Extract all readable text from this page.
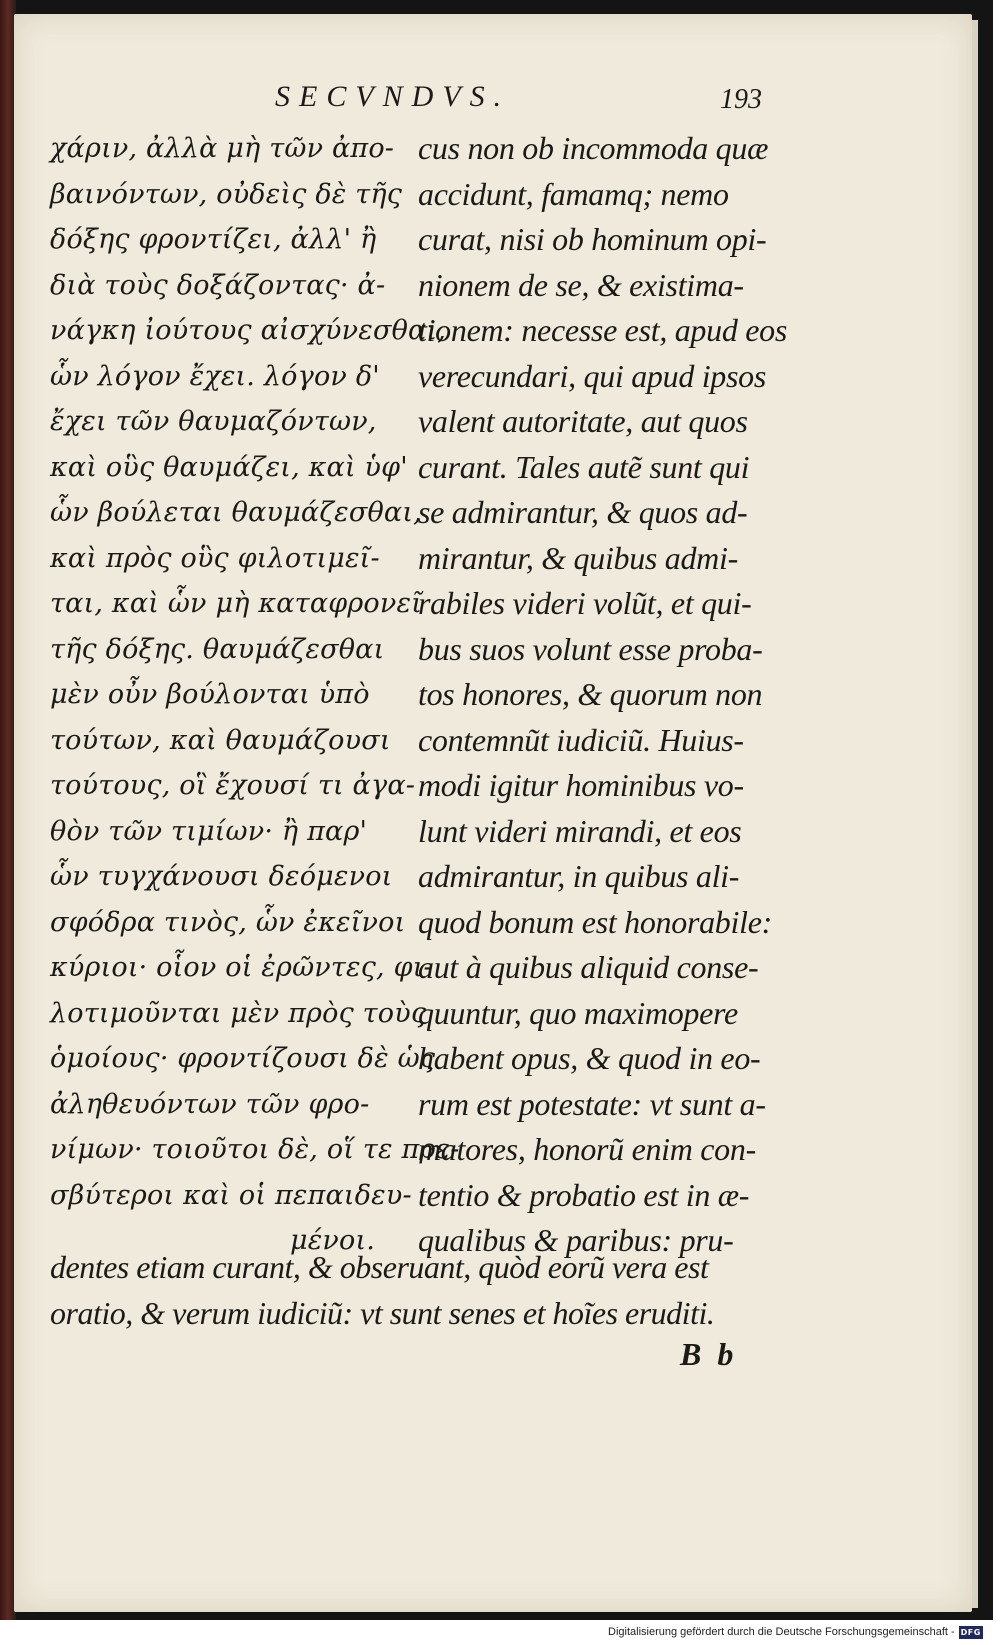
SECVNDVS.	193
χάριν, ἀλλὰ μὴ τῶν ἀπο-
βαινόντων, οὐδεὶς δὲ τῆς
δόξης φροντίζει, ἀλλ' ἢ
διὰ τοὺς δοξάζοντας· ἀ-
νάγκη ἰούτους αἰσχύνεσθαι,
ὧν λόγον ἔχει. λόγον δ'
ἔχει τῶν θαυμαζόντων,
καὶ οὓς θαυμάζει, καὶ ὑφ'
ὧν βούλεται θαυμάζεσθαι,
καὶ πρὸς οὓς φιλοτιμεῖ-
ται, καὶ ὧν μὴ καταφρονεῖ
τῆς δόξης. θαυμάζεσθαι
μὲν οὖν βούλονται ὑπὸ
τούτων, καὶ θαυμάζουσι
τούτους, οἳ ἔχουσί τι ἀγα-
θὸν τῶν τιμίων· ἢ παρ'
ὧν τυγχάνουσι δεόμενοι
σφόδρα τινὸς, ὧν ἐκεῖνοι
κύριοι· οἷον οἱ ἐρῶντες, φι-
λοτιμοῦνται μὲν πρὸς τοὺς
ὁμοίους· φροντίζουσι δὲ ὡς
ἀληθευόντων τῶν φρο-
νίμων· τοιοῦτοι δὲ, οἵ τε πρε-
σβύτεροι καὶ οἱ πεπαιδευ-
μένοι.
cus non ob incommoda quæ
accidunt, famamq; nemo
curat, nisi ob hominum opi-
nionem de se, & existima-
tionem: necesse est, apud eos
verecundari, qui apud ipsos
valent autoritate, aut quos
curant. Tales autẽ sunt qui
se admirantur, & quos ad-
mirantur, & quibus admi-
rabiles videri volũt, et qui-
bus suos volunt esse proba-
tos honores, & quorum non
contemnũt iudiciũ. Huius-
modi igitur hominibus vo-
lunt videri mirandi, et eos
admirantur, in quibus ali-
quod bonum est honorabile:
aut à quibus aliquid conse-
quuntur, quo maximopere
habent opus, & quod in eo-
rum est potestate: vt sunt a-
matores, honorũ enim con-
tentio & probatio est in æ-
qualibus & paribus: pru-
dentes etiam curant, & obseruant, quòd eorũ vera est
oratio, & verum iudiciũ: vt sunt senes et hoĩes eruditi.
B b
Digitalisierung gefördert durch die Deutsche Forschungsgemeinschaft - DFG
